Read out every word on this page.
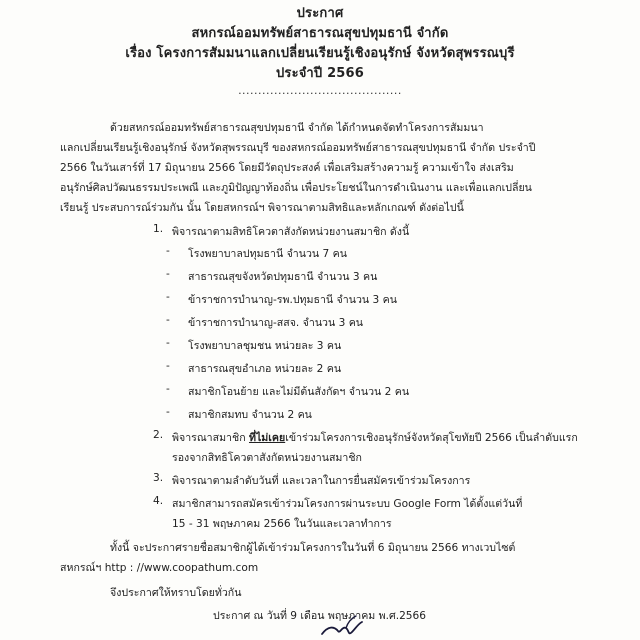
ประกาศ
สหกรณ์ออมทรัพย์สาธารณสุขปทุมธานี จำกัด
เรื่อง โครงการสัมมนาแลกเปลี่ยนเรียนรู้เชิงอนุรักษ์ จังหวัดสุพรรณบุรี
ประจำปี 2566
.........................................
ด้วยสหกรณ์ออมทรัพย์สาธารณสุขปทุมธานี จำกัด ได้กำหนดจัดทำโครงการสัมมนา
แลกเปลี่ยนเรียนรู้เชิงอนุรักษ์ จังหวัดสุพรรณบุรี ของสหกรณ์ออมทรัพย์สาธารณสุขปทุมธานี จำกัด ประจำปี
2566 ในวันเสาร์ที่ 17 มิถุนายน 2566 โดยมีวัตถุประสงค์ เพื่อเสริมสร้างความรู้ ความเข้าใจ ส่งเสริม
อนุรักษ์ศิลปวัฒนธรรมประเพณี และภูมิปัญญาท้องถิ่น เพื่อประโยชน์ในการดำเนินงาน และเพื่อแลกเปลี่ยน
เรียนรู้ ประสบการณ์ร่วมกัน นั้น โดยสหกรณ์ฯ พิจารณาตามสิทธิและหลักเกณฑ์ ดังต่อไปนี้
1. พิจารณาตามสิทธิโควตาสังกัดหน่วยงานสมาชิก ดังนี้
- โรงพยาบาลปทุมธานี จำนวน 7 คน
- สาธารณสุขจังหวัดปทุมธานี จำนวน 3 คน
- ข้าราชการบำนาญ-รพ.ปทุมธานี จำนวน 3 คน
- ข้าราชการบำนาญ-สสจ. จำนวน 3 คน
- โรงพยาบาลชุมชน หน่วยละ 3 คน
- สาธารณสุขอำเภอ หน่วยละ 2 คน
- สมาชิกโอนย้าย และไม่มีต้นสังกัดฯ จำนวน 2 คน
- สมาชิกสมทบ จำนวน 2 คน
2. พิจารณาสมาชิก ที่ไม่เคยเข้าร่วมโครงการเชิงอนุรักษ์จังหวัดสุโขทัยปี 2566 เป็นลำดับแรก
รองจากสิทธิโควตาสังกัดหน่วยงานสมาชิก
3. พิจารณาตามลำดับวันที่ และเวลาในการยื่นสมัครเข้าร่วมโครงการ
4. สมาชิกสามารถสมัครเข้าร่วมโครงการผ่านระบบ Google Form ได้ตั้งแต่วันที่
15 - 31 พฤษภาคม 2566 ในวันและเวลาทำการ
ทั้งนี้ จะประกาศรายชื่อสมาชิกผู้ได้เข้าร่วมโครงการในวันที่ 6 มิถุนายน 2566 ทางเวบไซต์
สหกรณ์ฯ http : //www.coopathum.com
จึงประกาศให้ทราบโดยทั่วกัน
ประกาศ ณ วันที่ 9 เดือน พฤษภาคม พ.ศ.2566
